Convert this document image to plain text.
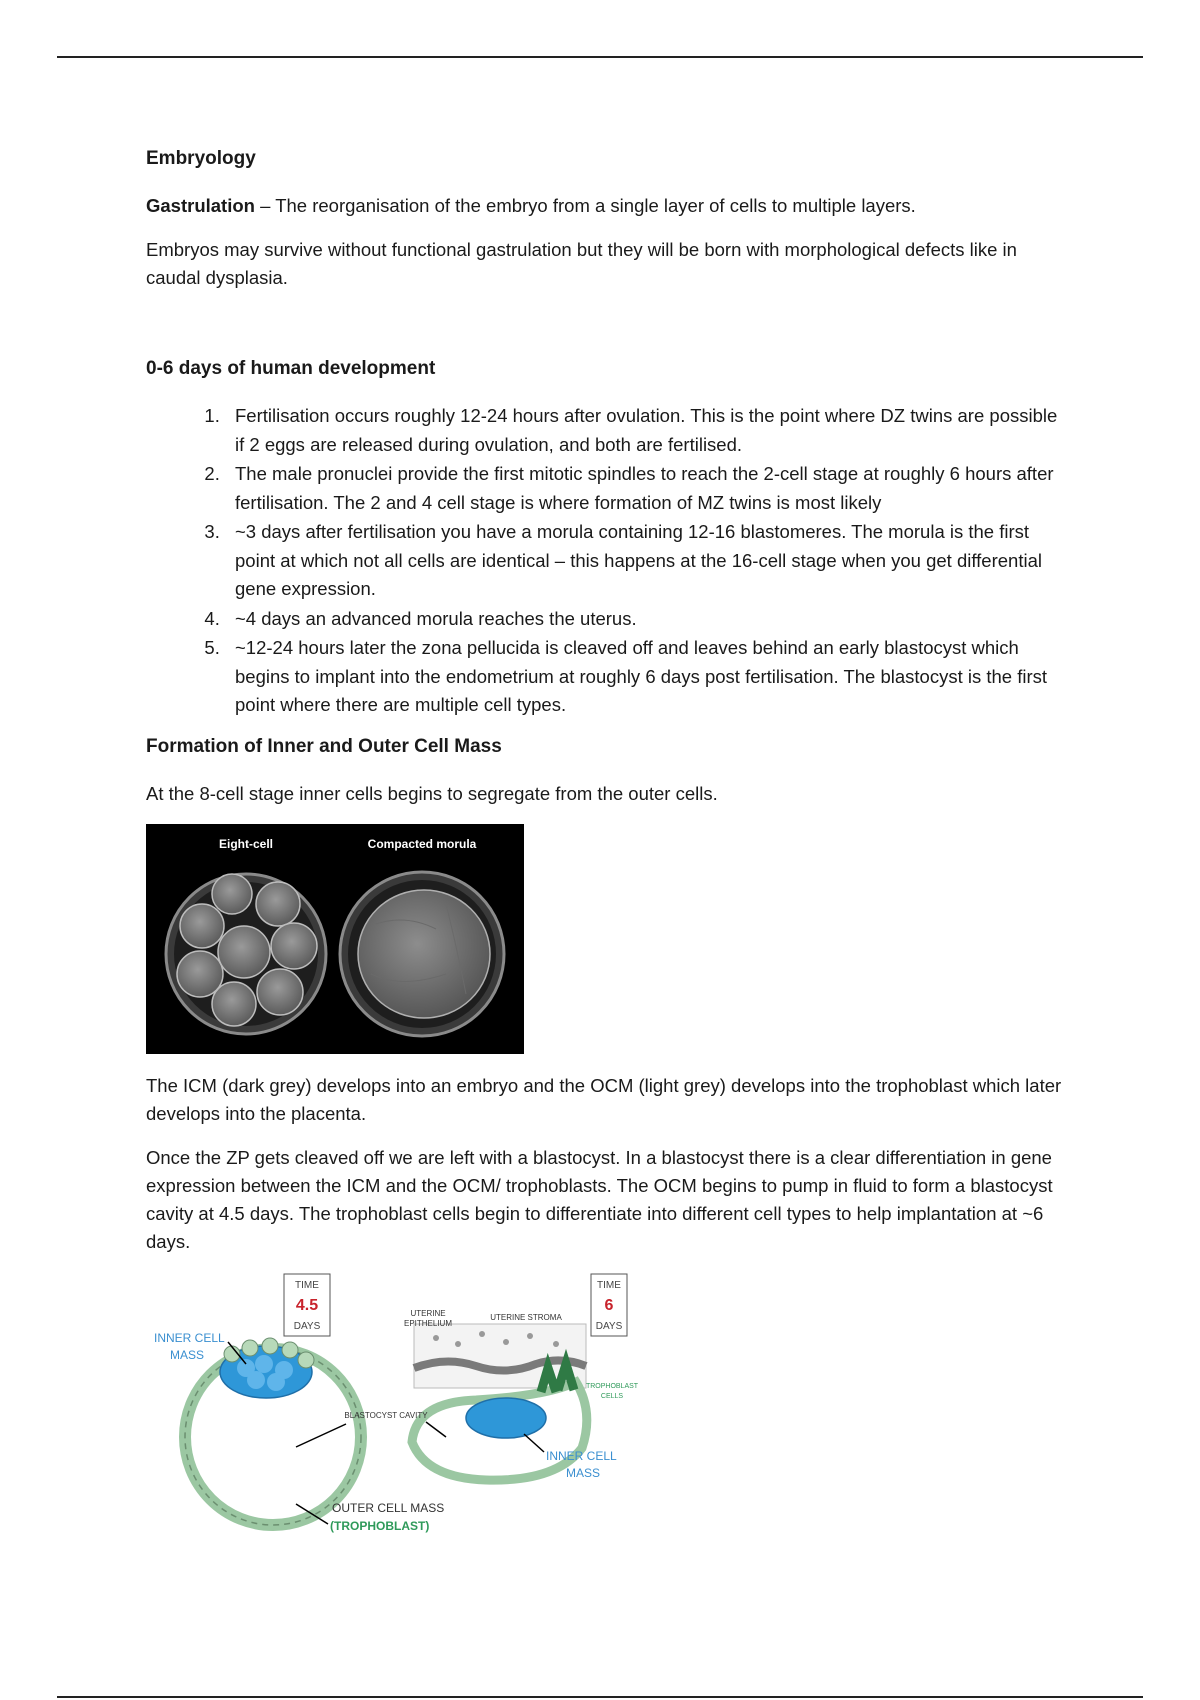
Embryology

Gastrulation – The reorganisation of the embryo from a single layer of cells to multiple layers.

Embryos may survive without functional gastrulation but they will be born with morphological defects like in caudal dysplasia.

0-6 days of human development
1. Fertilisation occurs roughly 12-24 hours after ovulation. This is the point where DZ twins are possible if 2 eggs are released during ovulation, and both are fertilised.
2. The male pronuclei provide the first mitotic spindles to reach the 2-cell stage at roughly 6 hours after fertilisation. The 2 and 4 cell stage is where formation of MZ twins is most likely
3. ~3 days after fertilisation you have a morula containing 12-16 blastomeres. The morula is the first point at which not all cells are identical – this happens at the 16-cell stage when you get differential gene expression.
4. ~4 days an advanced morula reaches the uterus.
5. ~12-24 hours later the zona pellucida is cleaved off and leaves behind an early blastocyst which begins to implant into the endometrium at roughly 6 days post fertilisation. The blastocyst is the first point where there are multiple cell types.
Formation of Inner and Outer Cell Mass

At the 8-cell stage inner cells begins to segregate from the outer cells.

Eight-cell	Compacted morula

The ICM (dark grey) develops into an embryo and the OCM (light grey) develops into the trophoblast which later develops into the placenta.

Once the ZP gets cleaved off we are left with a blastocyst. In a blastocyst there is a clear differentiation in gene expression between the ICM and the OCM/ trophoblasts. The OCM begins to pump in fluid to form a blastocyst cavity at 4.5 days. The trophoblast cells begin to differentiate into different cell types to help implantation at ~6 days.

TIME
4.5
DAYS
INNER CELL MASS
UTERINE EPITHELIUM
UTERINE STROMA
TIME
6
DAYS
TROPHOBLAST CELLS
BLASTOCYST CAVITY
INNER CELL MASS
OUTER CELL MASS
(TROPHOBLAST)
